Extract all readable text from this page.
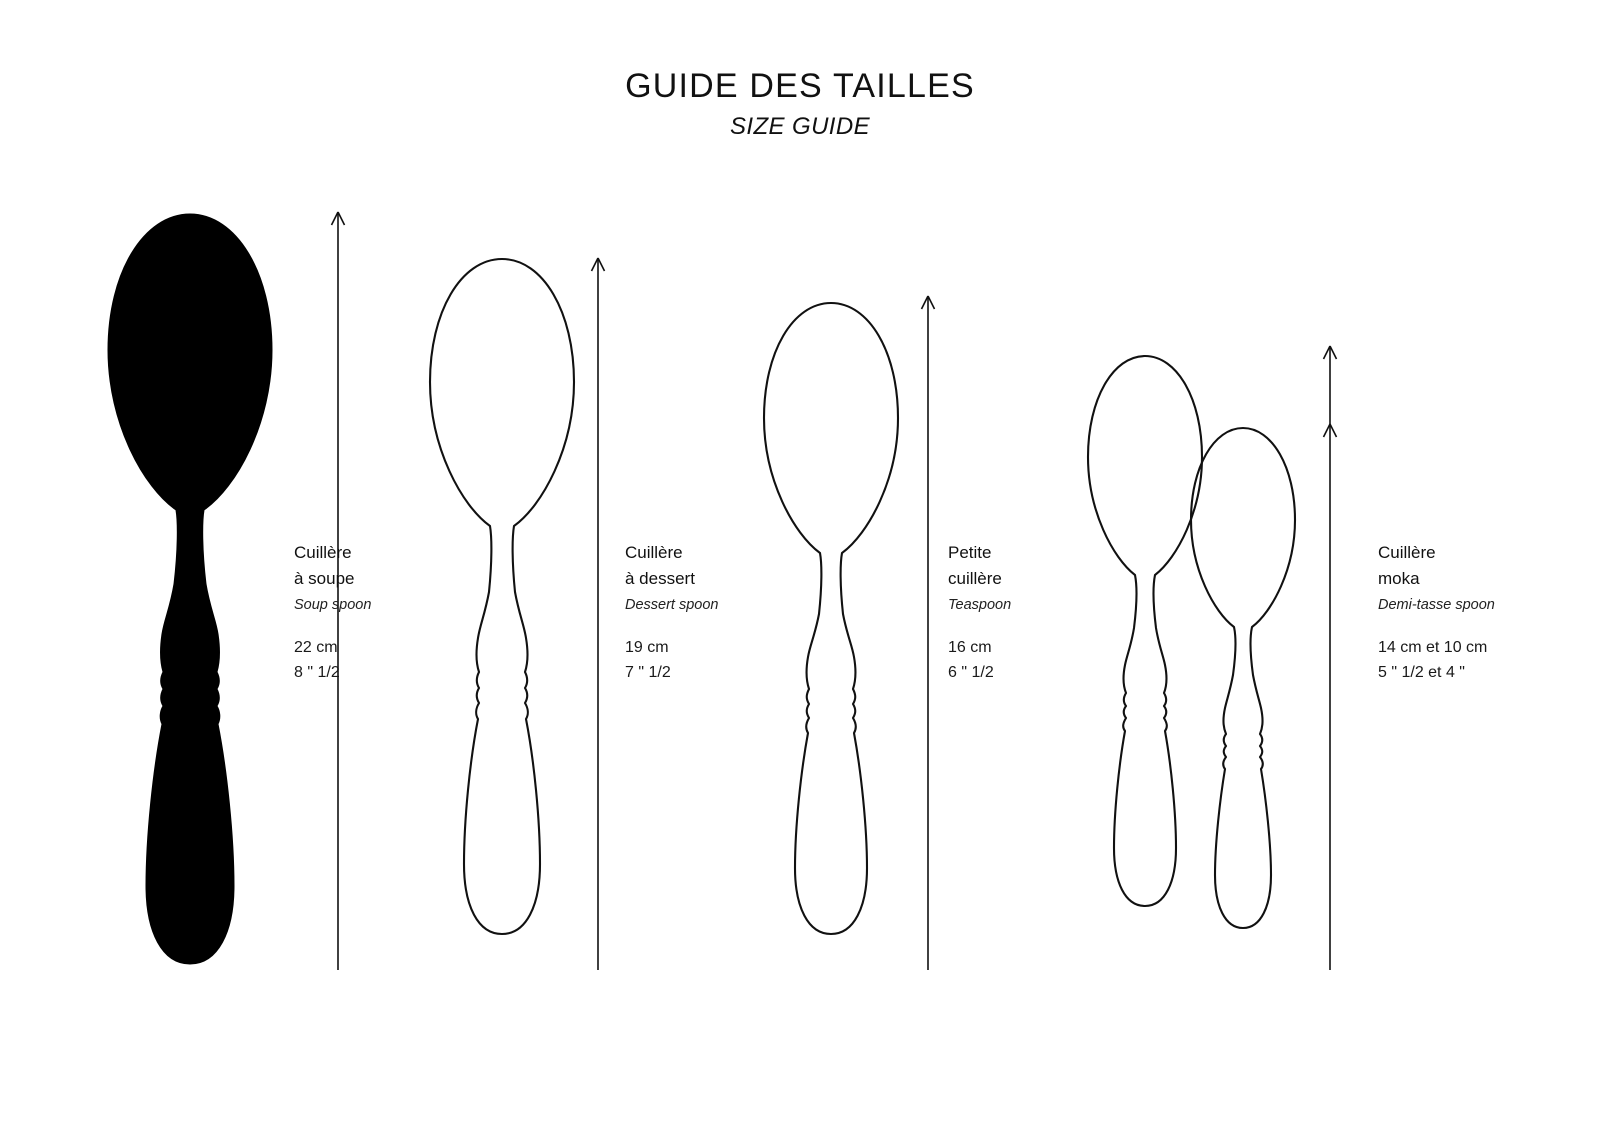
GUIDE DES TAILLES
SIZE GUIDE
Cuillère
à soupe
Soup spoon
22 cm
8 " 1/2
Cuillère
à dessert
Dessert spoon
19 cm
7 " 1/2
Petite
cuillère
Teaspoon
16 cm
6 " 1/2
Cuillère
moka
Demi-tasse spoon
14 cm et 10 cm
5 " 1/2 et 4 "
